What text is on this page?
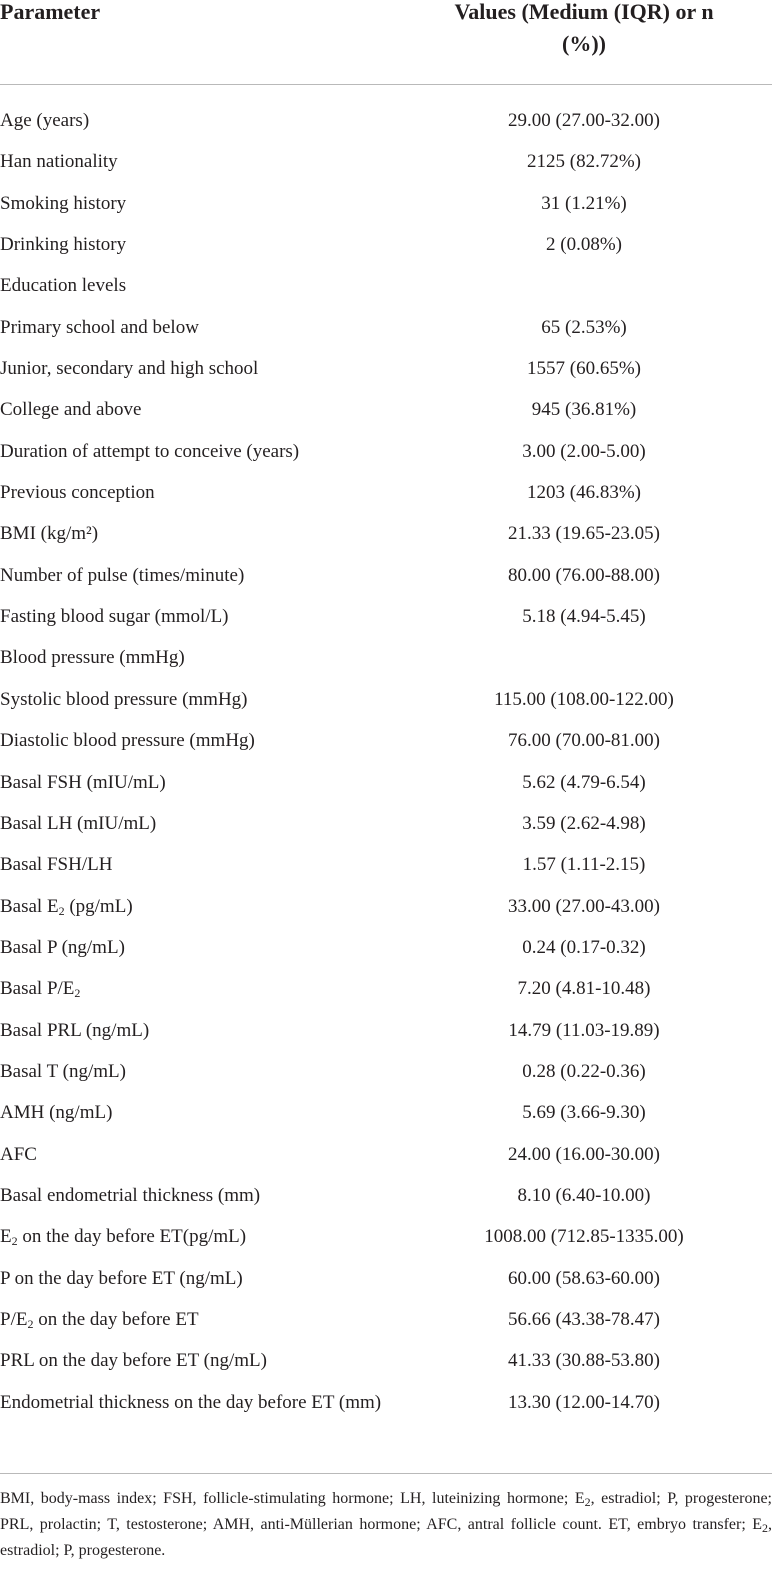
Parameter	Values (Medium (IQR) or n
(%))
Age (years)	29.00 (27.00-32.00)
Han nationality	2125 (82.72%)
Smoking history	31 (1.21%)
Drinking history	2 (0.08%)
Education levels
Primary school and below	65 (2.53%)
Junior, secondary and high school	1557 (60.65%)
College and above	945 (36.81%)
Duration of attempt to conceive (years)	3.00 (2.00-5.00)
Previous conception	1203 (46.83%)
BMI (kg/m²)	21.33 (19.65-23.05)
Number of pulse (times/minute)	80.00 (76.00-88.00)
Fasting blood sugar (mmol/L)	5.18 (4.94-5.45)
Blood pressure (mmHg)
Systolic blood pressure (mmHg)	115.00 (108.00-122.00)
Diastolic blood pressure (mmHg)	76.00 (70.00-81.00)
Basal FSH (mIU/mL)	5.62 (4.79-6.54)
Basal LH (mIU/mL)	3.59 (2.62-4.98)
Basal FSH/LH	1.57 (1.11-2.15)
Basal $E_2$ (pg/mL)	33.00 (27.00-43.00)
Basal P (ng/mL)	0.24 (0.17-0.32)
Basal $P/E_2$	7.20 (4.81-10.48)
Basal PRL (ng/mL)	14.79 (11.03-19.89)
Basal T (ng/mL)	0.28 (0.22-0.36)
AMH (ng/mL)	5.69 (3.66-9.30)
AFC	24.00 (16.00-30.00)
Basal endometrial thickness (mm)	8.10 (6.40-10.00)
$E_2$ on the day before ET(pg/mL)	1008.00 (712.85-1335.00)
P on the day before ET (ng/mL)	60.00 (58.63-60.00)
$P/E_2$ on the day before ET	56.66 (43.38-78.47)
PRL on the day before ET (ng/mL)	41.33 (30.88-53.80)
Endometrial thickness on the day before ET (mm)	13.30 (12.00-14.70)
BMI, body-mass index; FSH, follicle-stimulating hormone; LH, luteinizing hormone; $E_2$, estradiol; P, progesterone; PRL, prolactin; T, testosterone; AMH, anti-Müllerian hormone; AFC, antral follicle count. ET, embryo transfer; $E_2$, estradiol; P, progesterone.
